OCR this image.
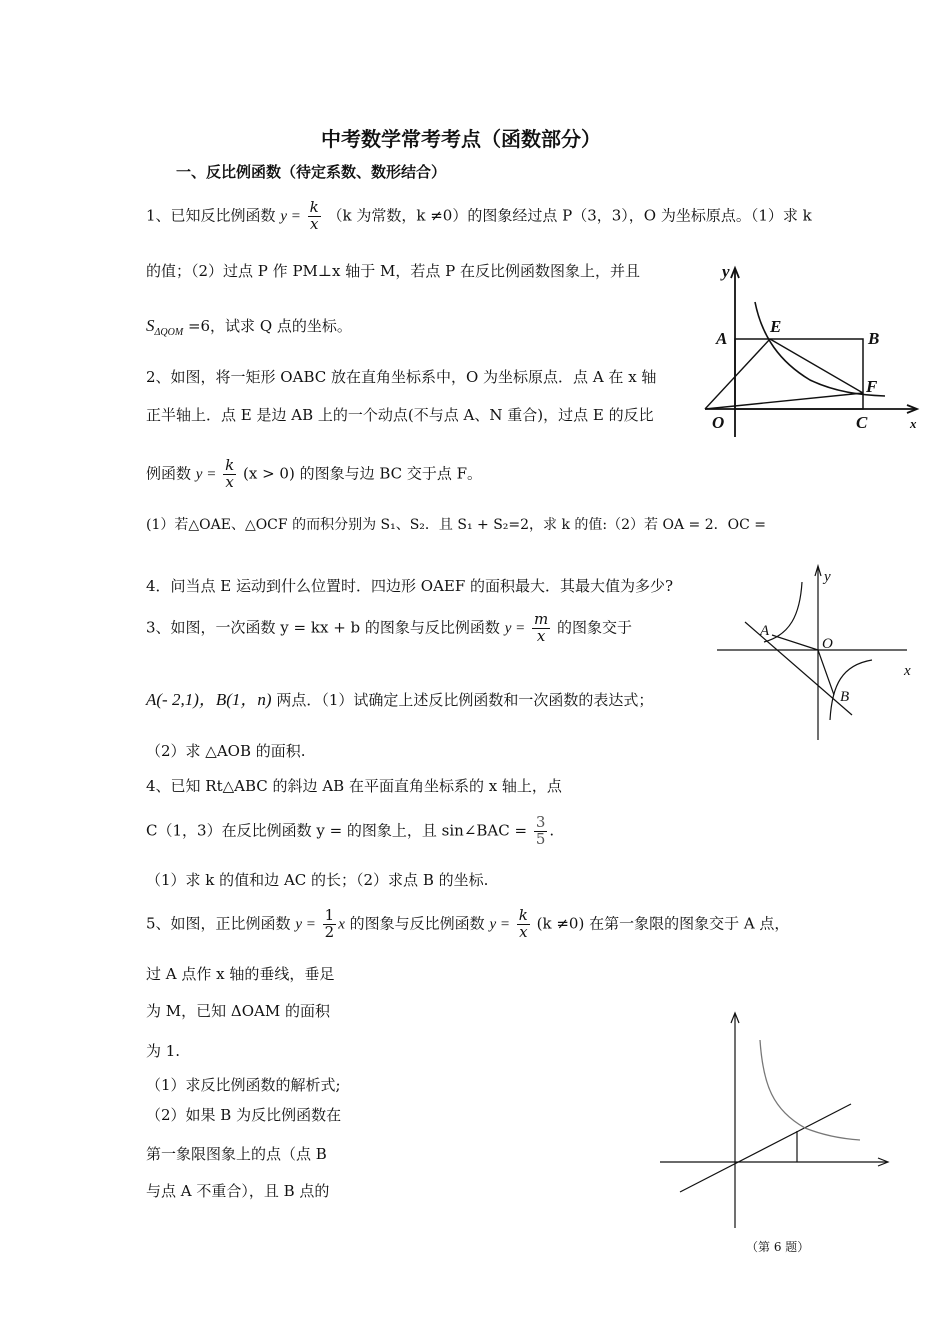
中考数学常考考点（函数部分）
一、反比例函数（待定系数、数形结合）
1、已知反比例函数 $y = \frac{k}{x} (k$ 为常数，k ≠0）的图象经过点 P（3，3），O 为坐标原点。（1）求 k
的值；（2）过点 P 作 PM⊥x 轴于 M，若点 P 在反比例函数图象上，并且
$S_{\Delta QOM} =6$，试求 Q 点的坐标。
2、如图，将一矩形 OABC 放在直角坐标系中，O 为坐标原点．点 A 在 x 轴
正半轴上．点 E 是边 AB 上的一个动点(不与点 A、N 重合)，过点 E 的反比
例函数 $y = \frac{k}{x} (x > 0)$ 的图象与边 BC 交于点 F。
(1）若△OAE、△OCF 的而积分别为 S₁、S₂．且 S₁ + S₂=2，求 k 的值:（2）若 OA = 2．OC =
4．问当点 E 运动到什么位置时．四边形 OAEF 的面积最大．其最大值为多少?
3、如图，一次函数 y = kx + b 的图象与反比例函数 $y = \frac{m}{x}$ 的图象交于
A(- 2,1)，B(1，n) 两点．（1）试确定上述反比例函数和一次函数的表达式；
（2）求 △AOB 的面积.
4、已知 Rt△ABC 的斜边 AB 在平面直角坐标系的 x 轴上，点
C（1，3）在反比例函数 y = 的图象上，且 sin∠BAC = $\frac{3}{5}$ .
（1）求 k 的值和边 AC 的长；（2）求点 B 的坐标.
5、如图，正比例函数 $y = \frac{1}{2}$ x 的图象与反比例函数 $y = \frac{k}{x} (k \ne 0)$ 在第一象限的图象交于 A 点，
过 A 点作 x 轴的垂线，垂足
为 M，已知 ΔOAM 的面积
为 1.
（1）求反比例函数的解析式;
（2）如果 B 为反比例函数在
第一象限图象上的点（点 B
与点 A 不重合），且 B 点的
y
A
E
B
F
O	C	x
y
A
O
x
B
（第 6 题）
